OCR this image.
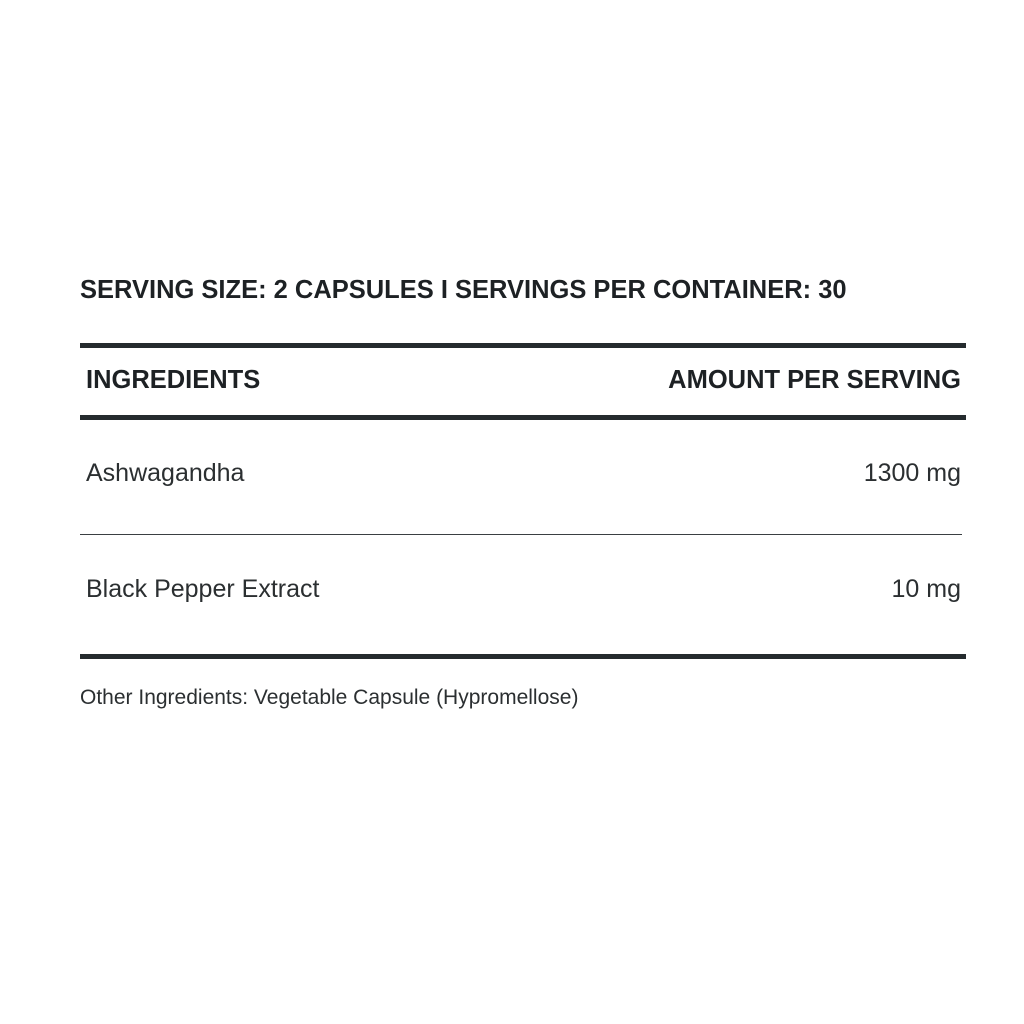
SERVING SIZE: 2 CAPSULES I SERVINGS PER CONTAINER: 30
INGREDIENTS	AMOUNT PER SERVING
Ashwagandha	1300 mg
Black Pepper Extract	10 mg
Other Ingredients: Vegetable Capsule (Hypromellose)
